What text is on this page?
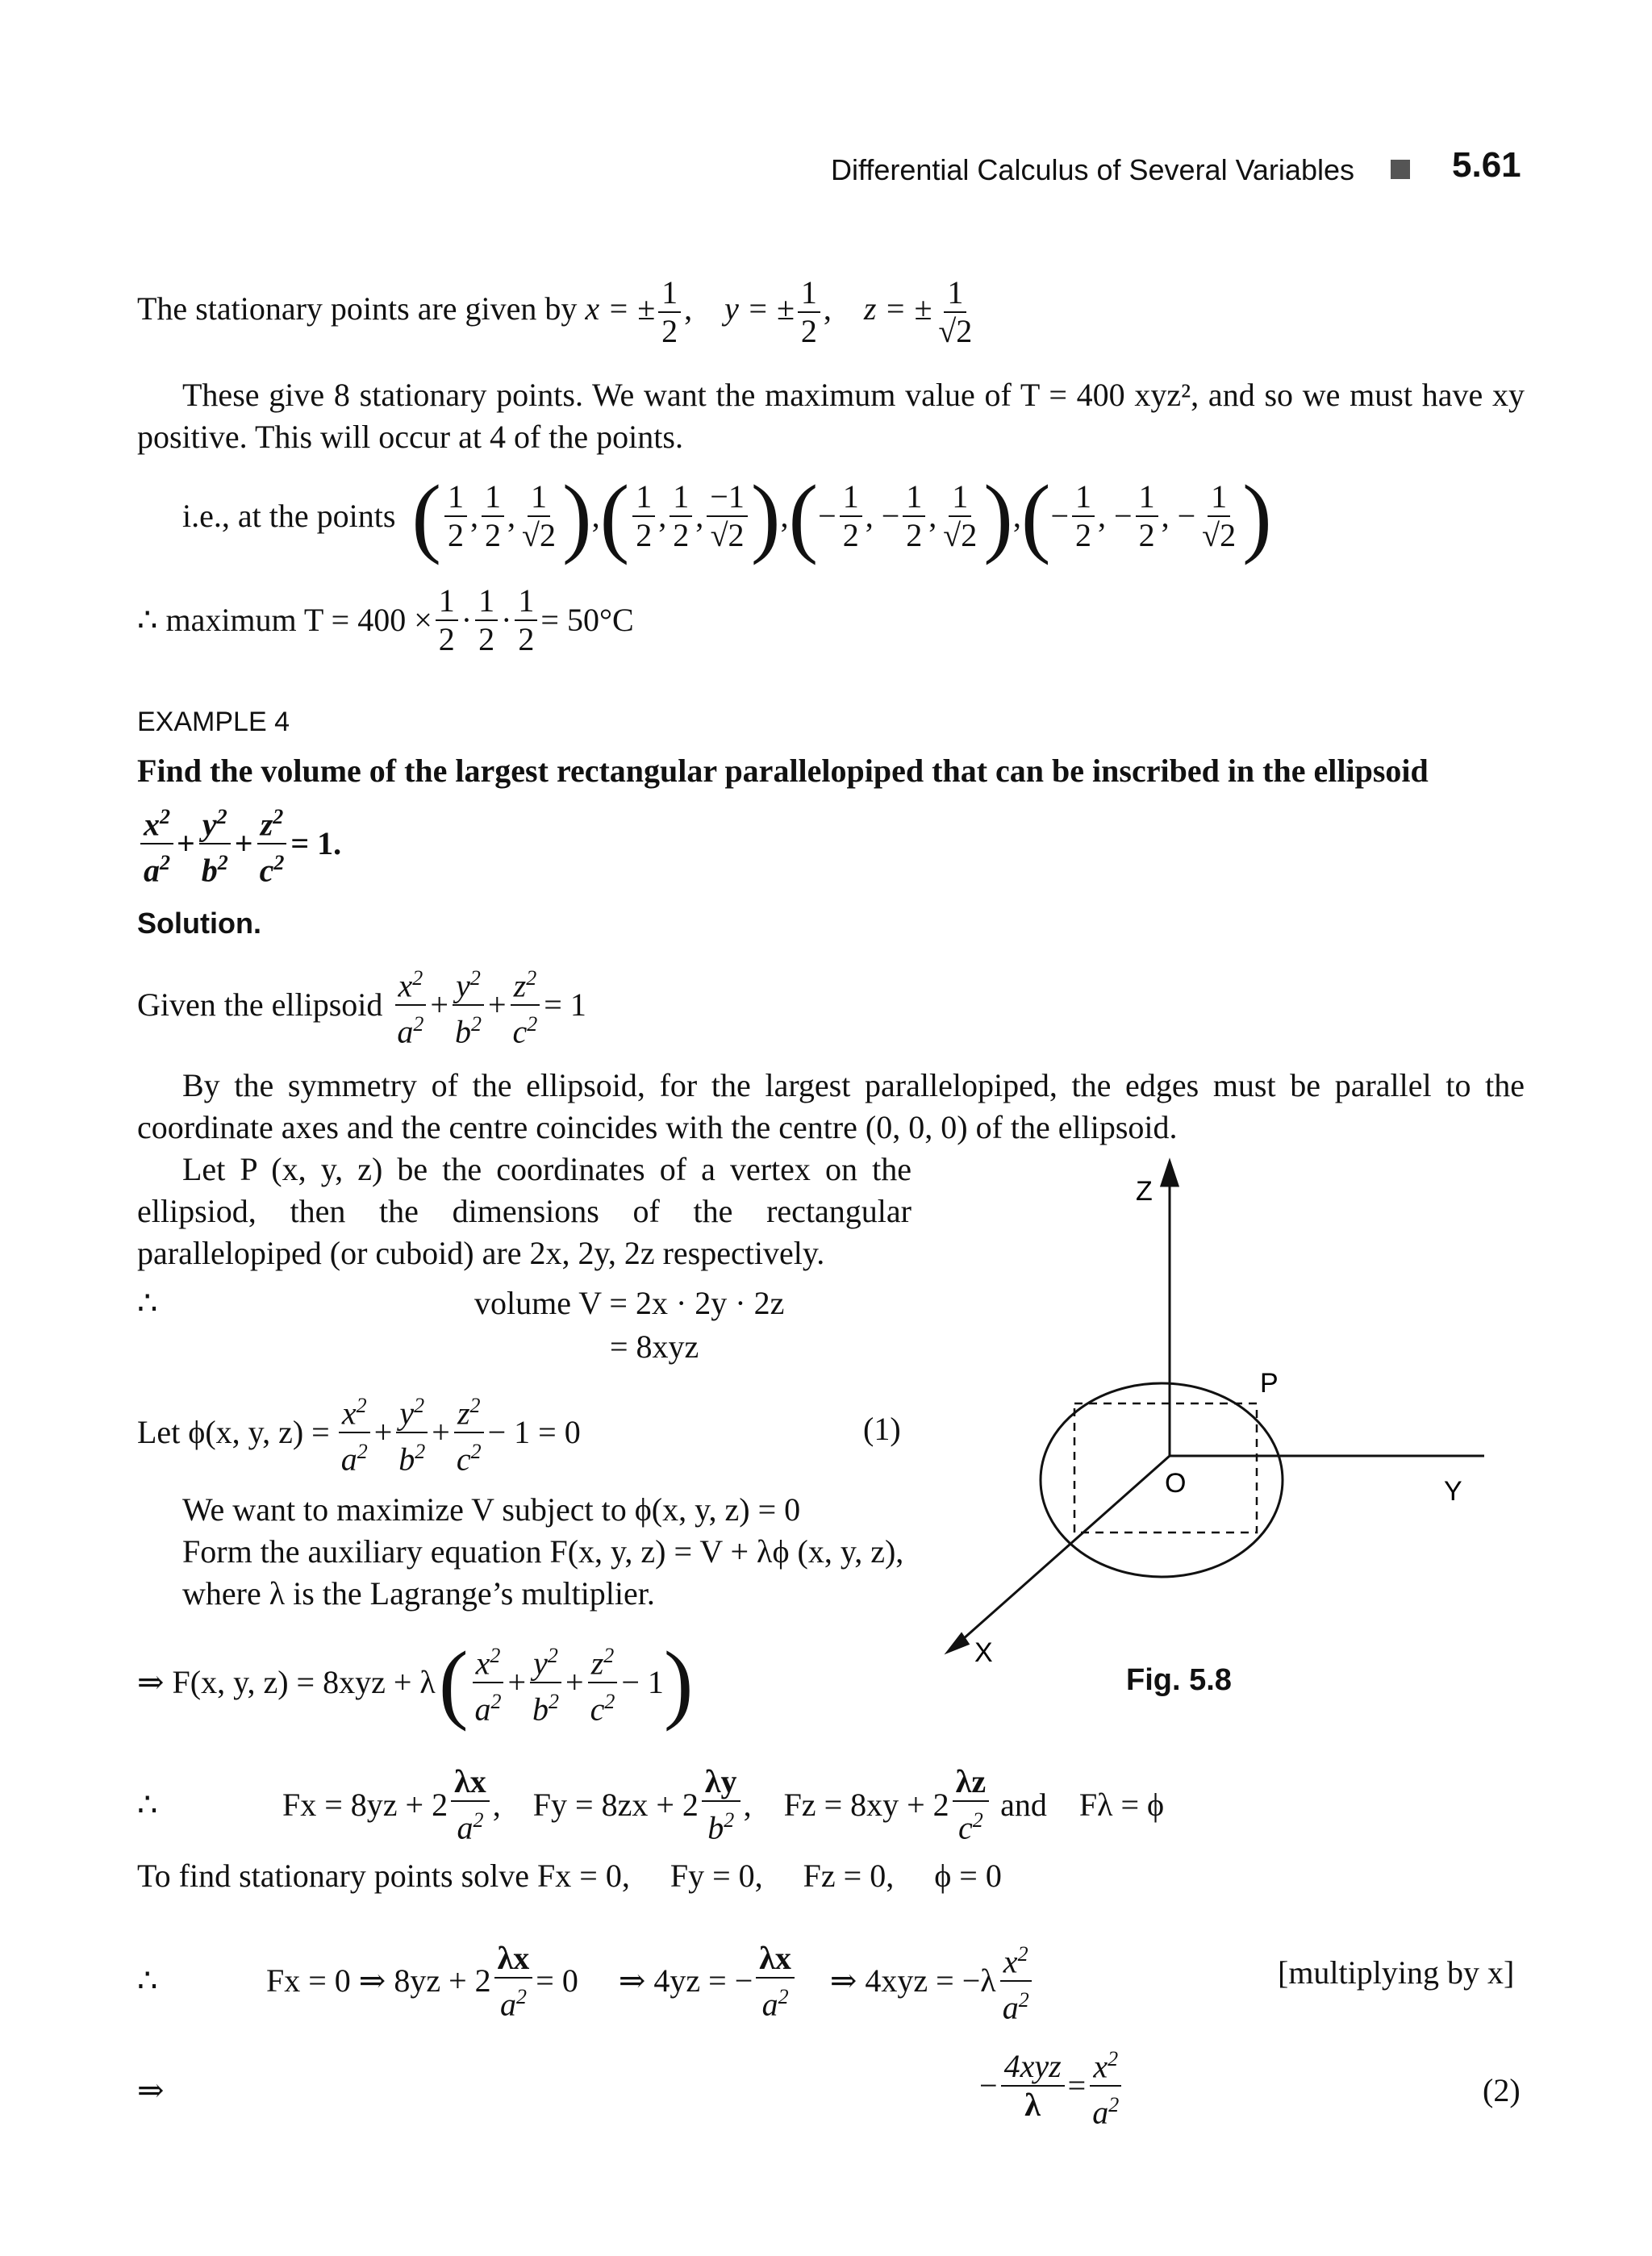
Differential Calculus of Several Variables	5.61
The stationary points are given by x = ± $\frac{1}{2}$ ,    y = ± $\frac{1}{2}$ ,    z = ± $\frac{1}{√2}$
These give 8 stationary points. We want the maximum value of T = 400 xyz², and so we must have xy positive. This will occur at 4 of the points.
i.e., at the points ( 1
2
,
1
2
,
1
√2 ) , ( 1
2
,
1
2
,
−1
√2 ) , ( −
1
2
, −
1
2
,
1
√2 ) , ( −
1
2
, −
1
2
, −
1
√2 )
∴ maximum $T = 400 \times \frac{1}{2}$ ·
1
2
· $\frac{1}{2} = 50^\circ C$
EXAMPLE 4
Find the volume of the largest rectangular parallelopiped that can be inscribed in the ellipsoid
$x^2$
$a^2$
+
$y^2$
$b^2$
+ $\frac{z^2}{c^2} = 1$.
Solution.
Given the ellipsoid
$x^2$
$a^2$
+
$y^2$
$b^2$
+ $\frac{z^2}{c^2} = 1$
By the symmetry of the ellipsoid, for the largest parallelopiped, the edges must be parallel to the coordinate axes and the centre coincides with the centre (0, 0, 0) of the ellipsoid.
Let P (x, y, z) be the coordinates of a vertex on the ellipsiod, then the dimensions of the rectangular parallelopiped (or cuboid) are 2x, 2y, 2z respectively.
∴	volume V = 2x · 2y · 2z
= 8xyz
Let ϕ(x, y, $z) = \frac{x^2}{a^2}$ +
$y^2$
$b^2$
+
$z^2$
$c^2$
− 1 = 0	(1)
We want to maximize V subject to ϕ(x, y, z) = 0
Form the auxiliary equation F(x, y, z) = V + λϕ (x, y, z),
where λ is the Lagrange’s multiplier.
⇒ F(x, y, z) = 8xyz + λ ( $x^2$
$a^2$
+
$y^2$
$b^2$
+
$z^2$
$c^2$
− 1 )
∴	Fx = 8yz + 2
λx
$a^2$ , Fy = 8zx + 2
λy
$b^2$ , Fz = 8xy + 2
λz
$c^2$ and Fλ = ϕ
To find stationary points solve Fx = 0,     Fy = 0,     Fz = 0,     ϕ = 0
∴	Fx = 0 ⇒ $8yz + 2 \frac{\lambda x}{a^2} = 0$ ⇒ 4yz = − $\frac{\lambda x}{a^2}$ ⇒ 4xyz = −λ
$x^2$
$a^2$
[multiplying by x]
⇒	−
4xyz
λ
=
$x^2$
$a^2$	(2)
Z
P
O	Y
X
Fig. 5.8
